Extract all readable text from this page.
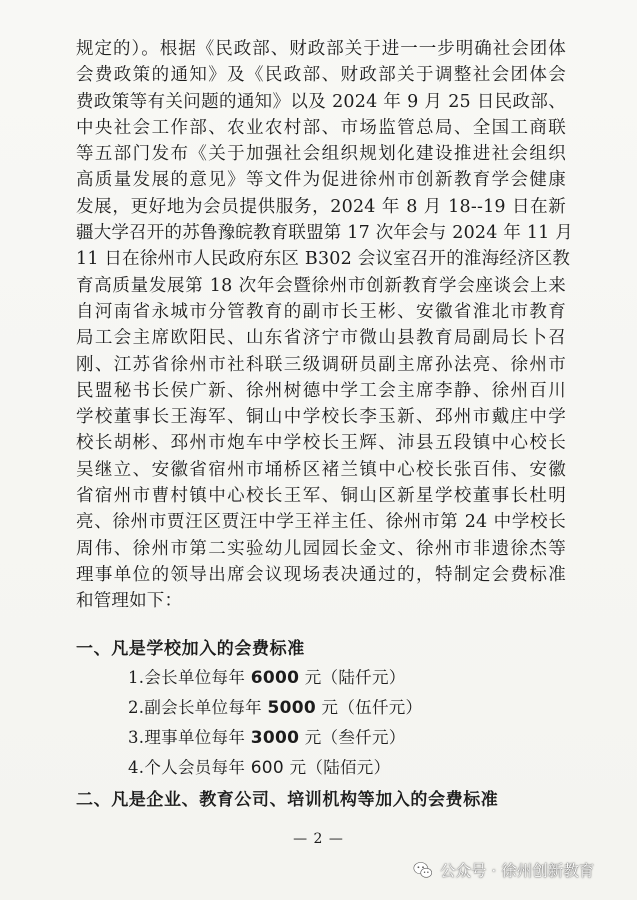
规定的）。根据《民政部、财政部关于进一一步明确社会团体
会费政策的通知》及《民政部、财政部关于调整社会团体会
费政策等有关问题的通知》以及 2024 年 9 月 25 日民政部、
中央社会工作部、农业农村部、市场监管总局、全国工商联
等五部门发布《关于加强社会组织规划化建设推进社会组织
高质量发展的意见》等文件为促进徐州市创新教育学会健康
发展，更好地为会员提供服务，2024 年 8 月 18--19 日在新
疆大学召开的苏鲁豫皖教育联盟第 17 次年会与 2024 年 11 月
11 日在徐州市人民政府东区 B302 会议室召开的淮海经济区教
育高质量发展第 18 次年会暨徐州市创新教育学会座谈会上来
自河南省永城市分管教育的副市长王彬、安徽省淮北市教育
局工会主席欧阳民、山东省济宁市微山县教育局副局长卜召
刚、江苏省徐州市社科联三级调研员副主席孙法亮、徐州市
民盟秘书长侯广新、徐州树德中学工会主席李静、徐州百川
学校董事长王海军、铜山中学校长李玉新、邳州市戴庄中学
校长胡彬、邳州市炮车中学校长王辉、沛县五段镇中心校长
吴继立、安徽省宿州市埇桥区褚兰镇中心校长张百伟、安徽
省宿州市曹村镇中心校长王军、铜山区新星学校董事长杜明
亮、徐州市贾汪区贾汪中学王祥主任、徐州市第 24 中学校长
周伟、徐州市第二实验幼儿园园长金文、徐州市非遗徐杰等
理事单位的领导出席会议现场表决通过的，特制定会费标准
和管理如下：
一、凡是学校加入的会费标准
1.会长单位每年 6000 元（陆仟元）
2.副会长单位每年 5000 元（伍仟元）
3.理事单位每年 3000 元（叁仟元）
4.个人会员每年 600 元（陆佰元）
二、凡是企业、教育公司、培训机构等加入的会费标准
— 2 —
公众号 · 徐州创新教育
